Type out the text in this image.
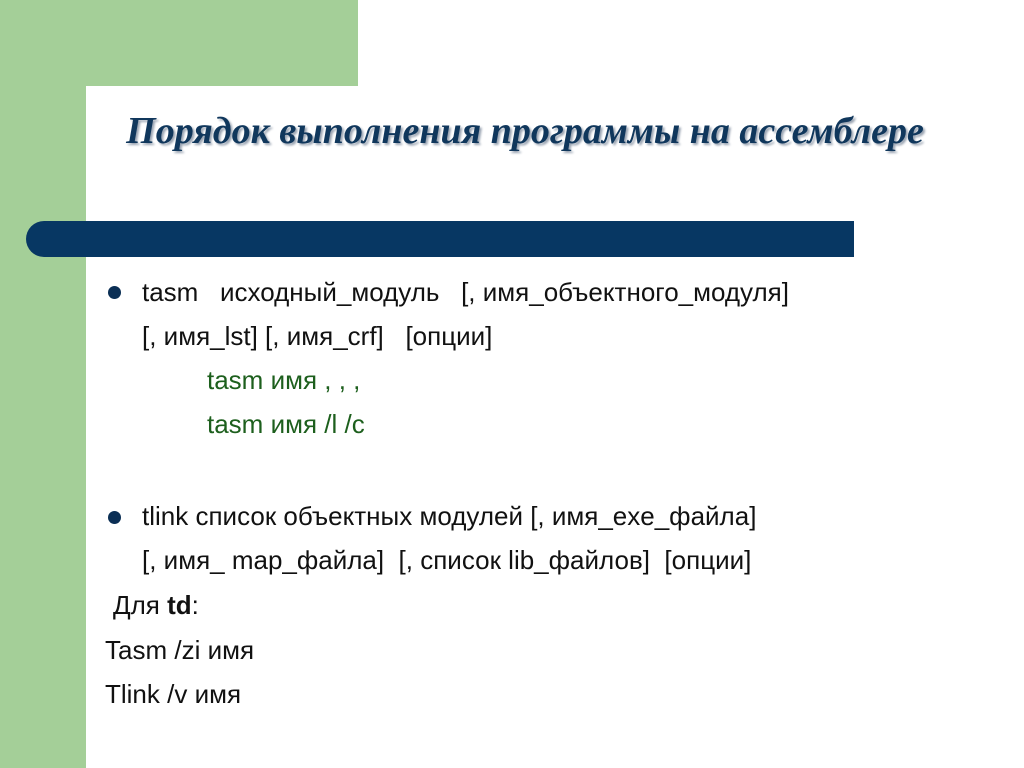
Порядок выполнения программы на ассемблере
tasm   исходный_модуль   [, имя_объектного_модуля]
[, имя_lst] [, имя_crf]   [опции]
tasm имя , , ,
tasm имя /l /c
tlink список объектных модулей [, имя_exe_файла]
[, имя_ map_файла]  [, список lib_файлов]  [опции]
Для td:
Tasm /zi имя
Tlink /v имя
